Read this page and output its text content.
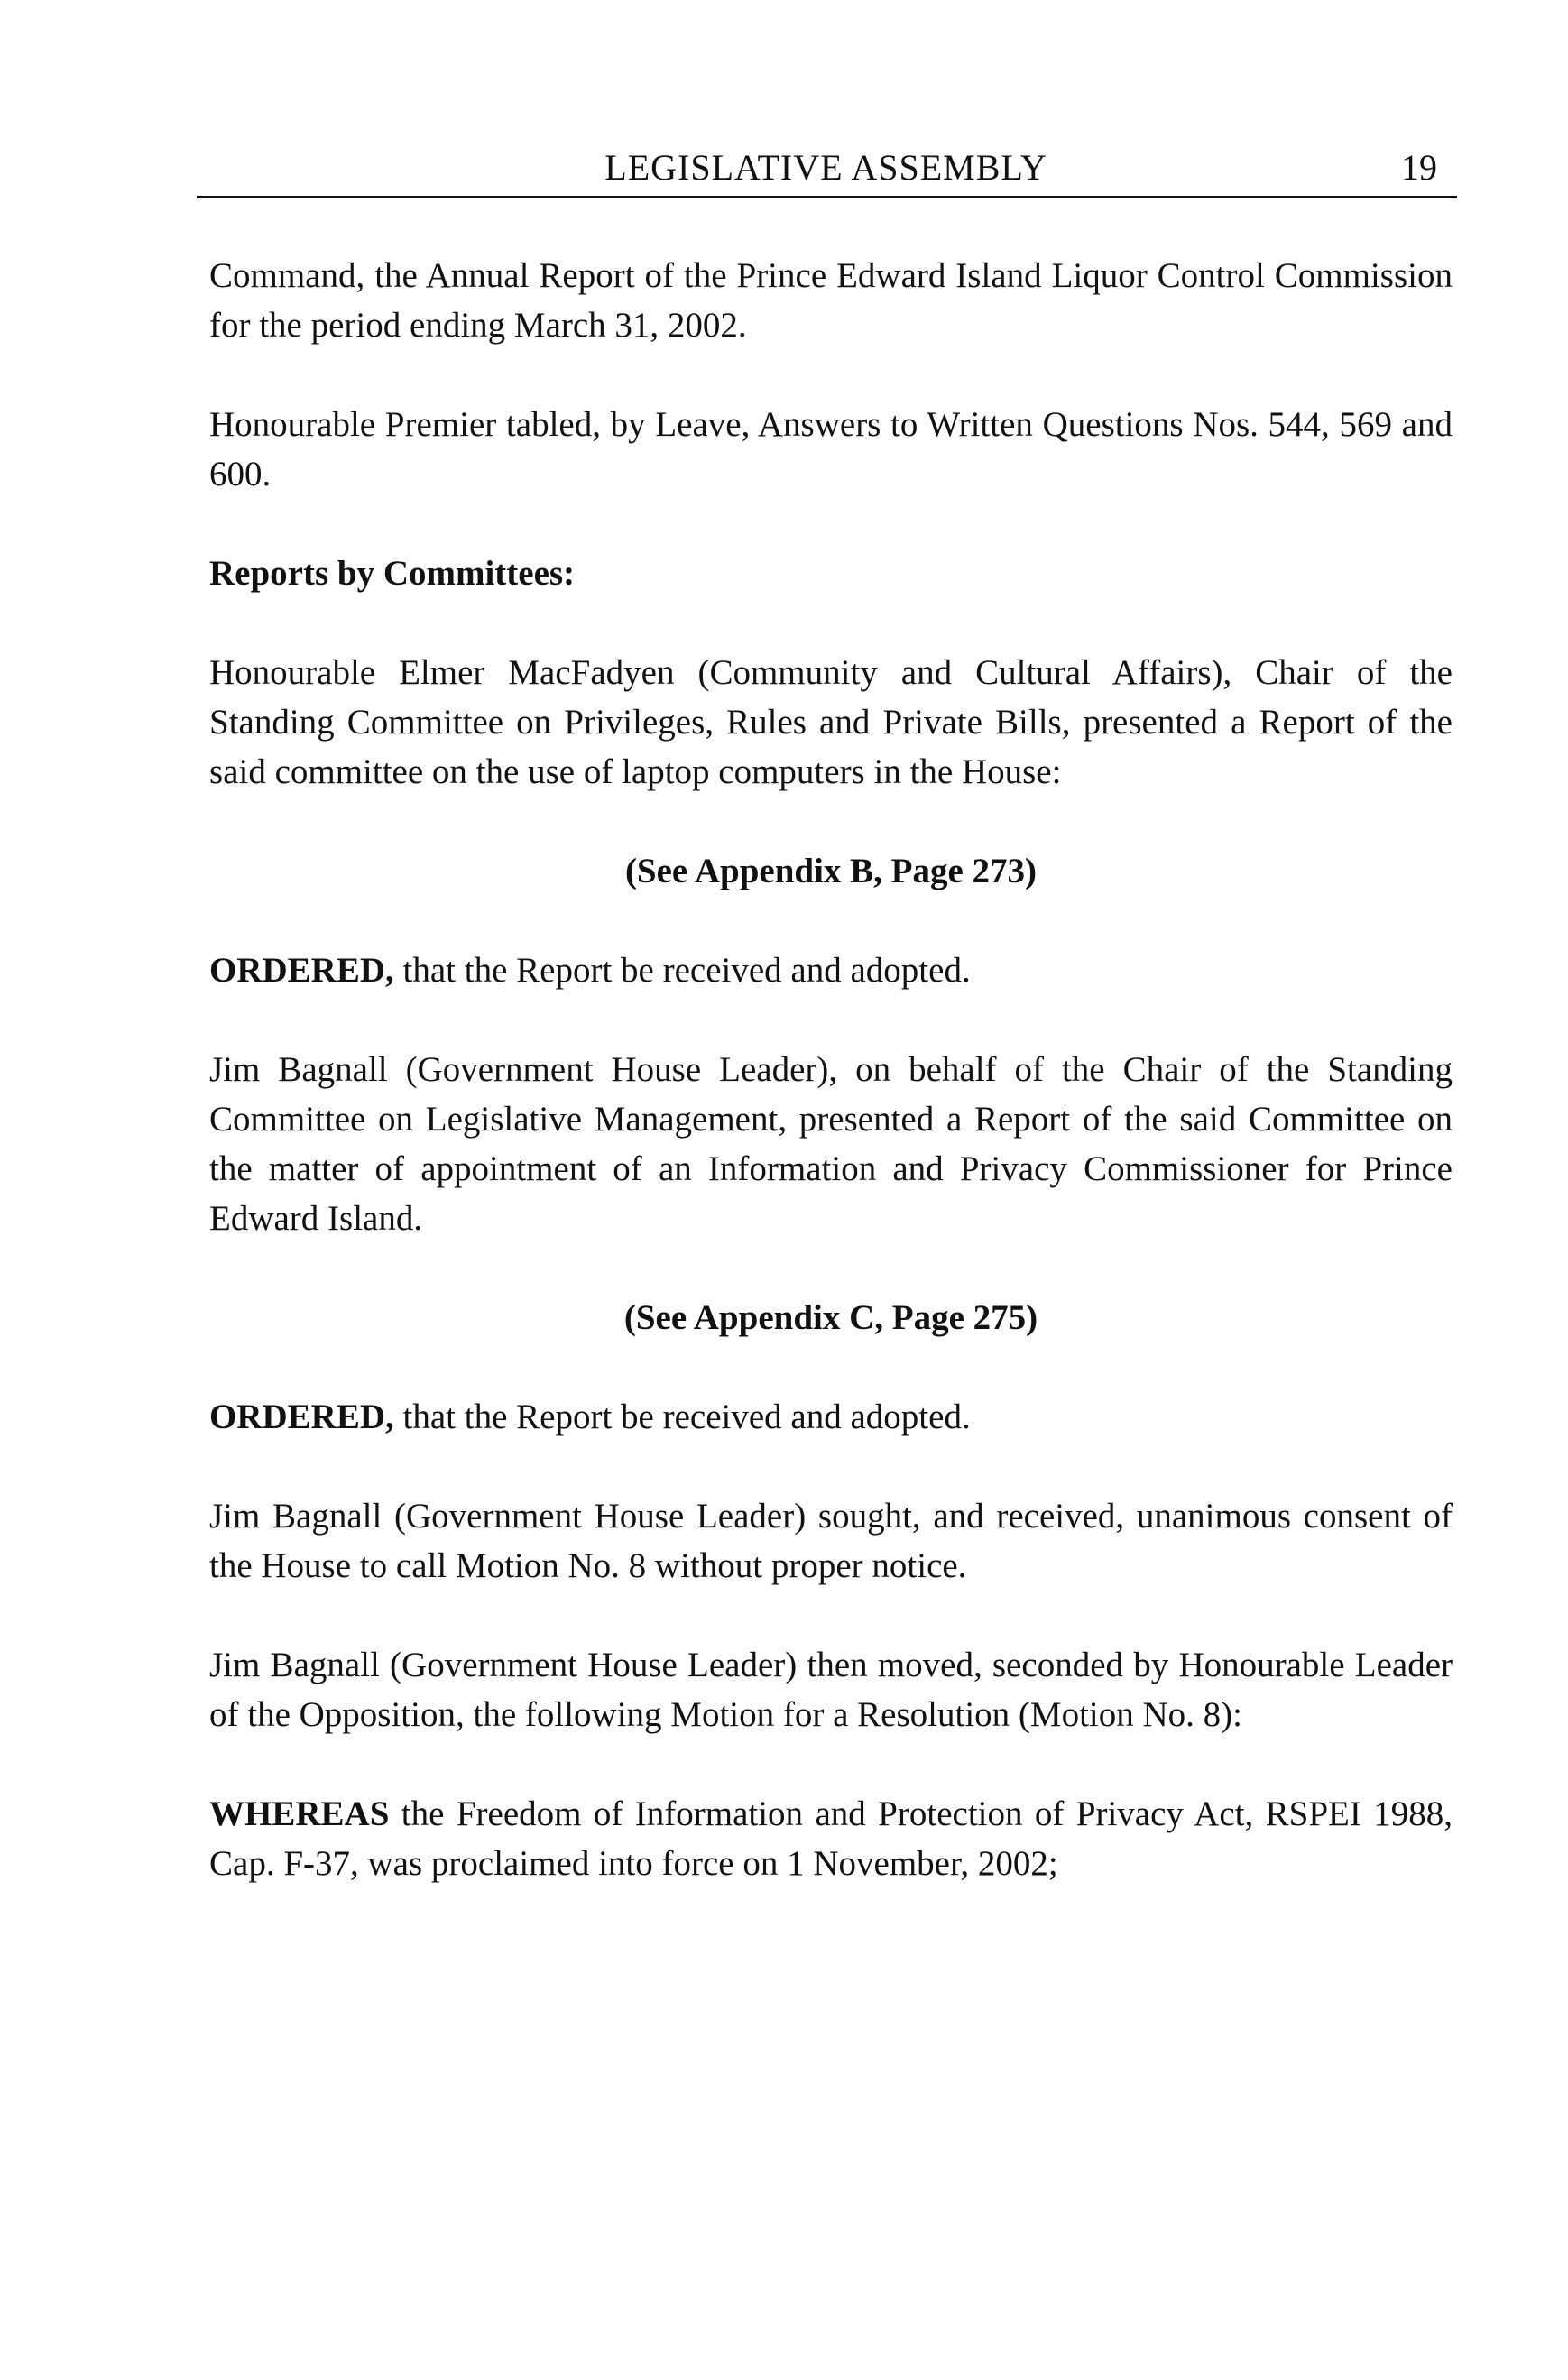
LEGISLATIVE ASSEMBLY	19

Command, the Annual Report of the Prince Edward Island Liquor Control Commission for the period ending March 31, 2002.

Honourable Premier tabled, by Leave, Answers to Written Questions Nos. 544, 569 and 600.

Reports by Committees:

Honourable Elmer MacFadyen (Community and Cultural Affairs), Chair of the Standing Committee on Privileges, Rules and Private Bills, presented a Report of the said committee on the use of laptop computers in the House:

(See Appendix B, Page 273)

ORDERED, that the Report be received and adopted.

Jim Bagnall (Government House Leader), on behalf of the Chair of the Standing Committee on Legislative Management, presented a Report of the said Committee on the matter of appointment of an Information and Privacy Commissioner for Prince Edward Island.

(See Appendix C, Page 275)

ORDERED, that the Report be received and adopted.

Jim Bagnall (Government House Leader) sought, and received, unanimous consent of the House to call Motion No. 8 without proper notice.

Jim Bagnall (Government House Leader) then moved, seconded by Honourable Leader of the Opposition, the following Motion for a Resolution (Motion No. 8):

WHEREAS the Freedom of Information and Protection of Privacy Act, RSPEI 1988, Cap. F-37, was proclaimed into force on 1 November, 2002;
